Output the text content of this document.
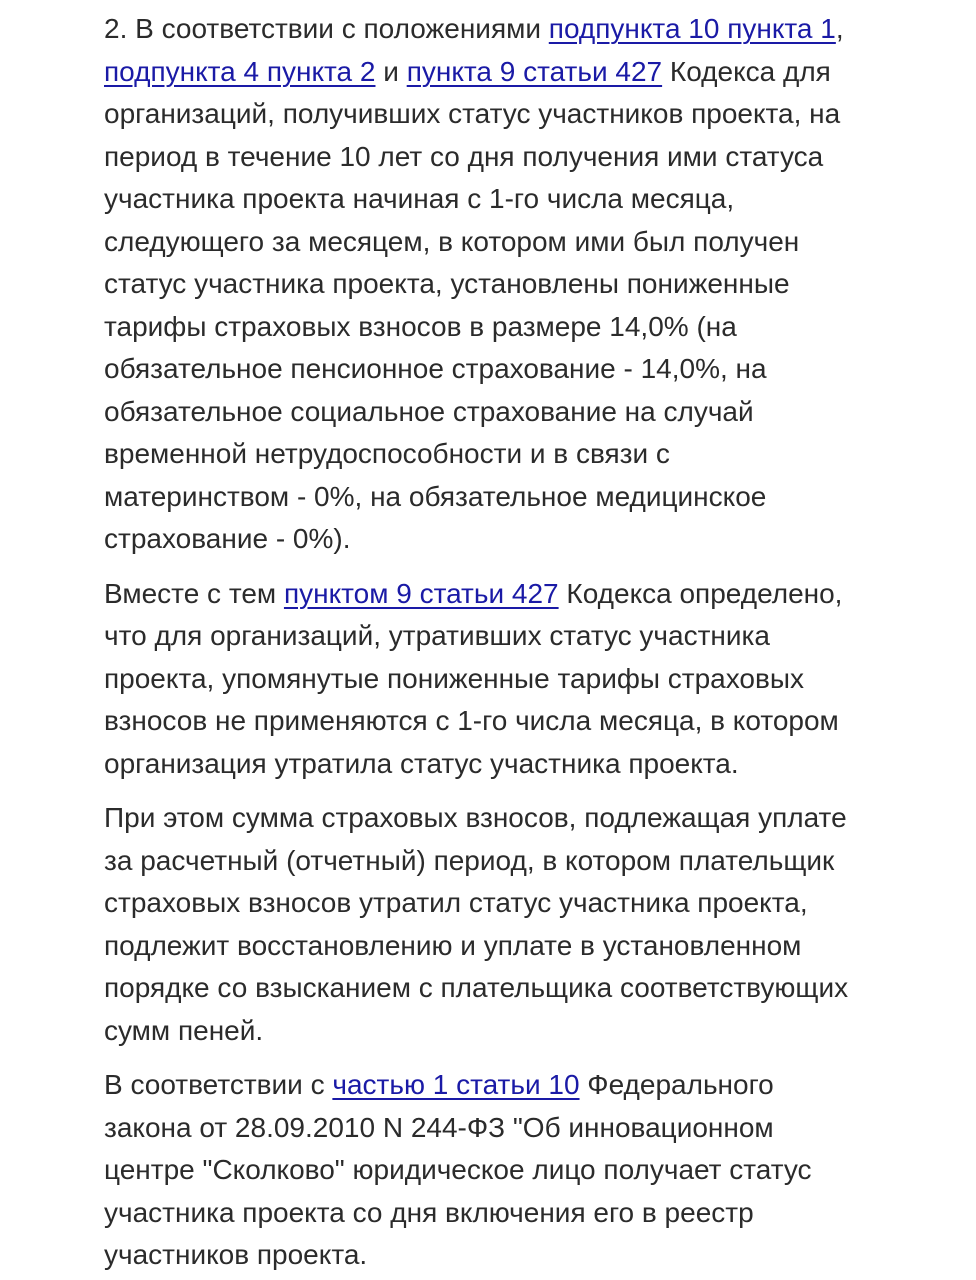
2. В соответствии с положениями подпункта 10 пункта 1,
подпункта 4 пункта 2 и пункта 9 статьи 427 Кодекса для
организаций, получивших статус участников проекта, на
период в течение 10 лет со дня получения ими статуса
участника проекта начиная с 1-го числа месяца,
следующего за месяцем, в котором ими был получен
статус участника проекта, установлены пониженные
тарифы страховых взносов в размере 14,0% (на
обязательное пенсионное страхование - 14,0%, на
обязательное социальное страхование на случай
временной нетрудоспособности и в связи с
материнством - 0%, на обязательное медицинское
страхование - 0%).

Вместе с тем пунктом 9 статьи 427 Кодекса определено,
что для организаций, утративших статус участника
проекта, упомянутые пониженные тарифы страховых
взносов не применяются с 1-го числа месяца, в котором
организация утратила статус участника проекта.

При этом сумма страховых взносов, подлежащая уплате
за расчетный (отчетный) период, в котором плательщик
страховых взносов утратил статус участника проекта,
подлежит восстановлению и уплате в установленном
порядке со взысканием с плательщика соответствующих
сумм пеней.

В соответствии с частью 1 статьи 10 Федерального
закона от 28.09.2010 N 244-ФЗ "Об инновационном
центре "Сколково" юридическое лицо получает статус
участника проекта со дня включения его в реестр
участников проекта.
